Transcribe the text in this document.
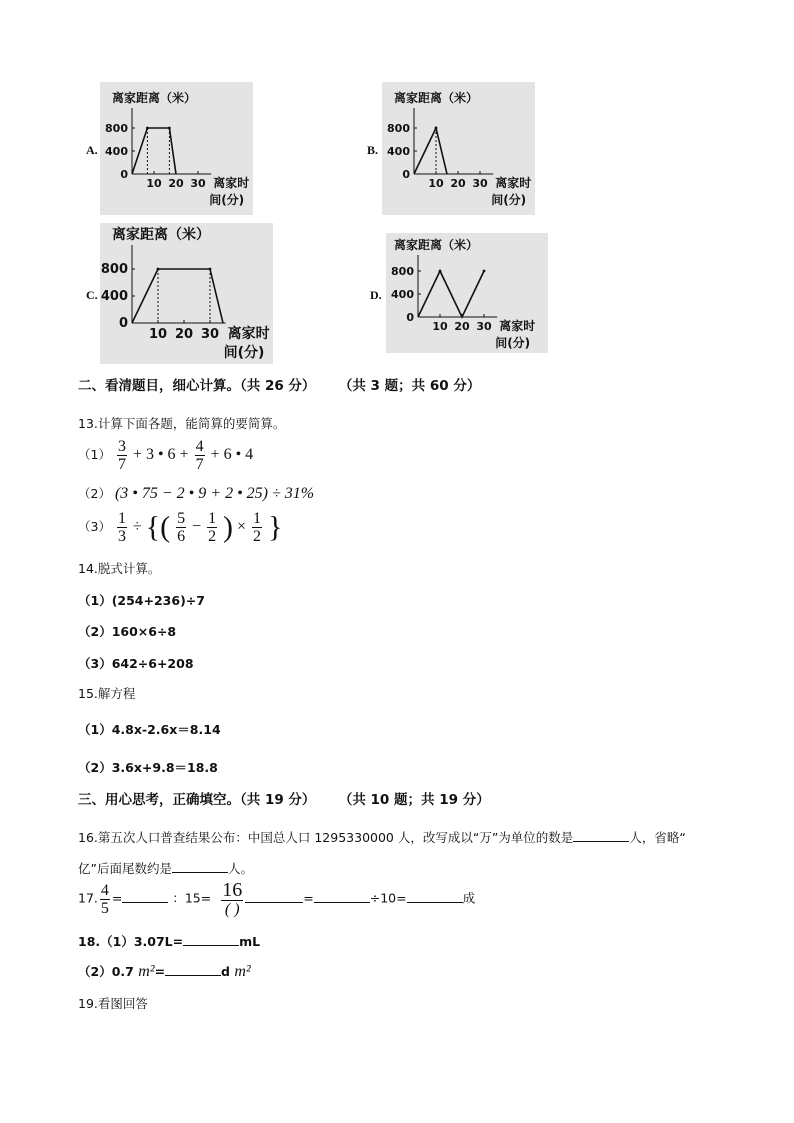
离家距离（米）
800
400
0
10 20 30 离家时
间(分)
A.
离家距离（米）
800
400
0
10 20 30 离家时
间(分)
B.
离家距离（米）
800
400
0
10 20 30 离家时
间(分)
C.
离家距离（米）
800
400
0
10 20 30 离家时
间(分)
D.
二、看清题目，细心计算。（共 26 分） （共 3 题；共 60 分）
13.计算下面各题，能简算的要简算。
$(1) \frac{3}{7} + 3$ • $6 + \frac{4}{7} + 6$ • 4
（2） (3 • 75 − 2 • 9 + 2 • 25) ÷ 31%
$(3) \frac{1}{3}$ ÷ {( $\frac{5}{6} - \frac{1}{2}$ ) × $\frac{1}{2}$ }
14.脱式计算。
（1）(254+236)÷7
（2）160×6÷8
（3）642÷6+208
15.解方程
（1）4.8x-2.6x＝8.14
（2）3.6x+9.8＝18.8
三、用心思考，正确填空。（共 19 分） （共 10 题；共 19 分）
16.第五次人口普查结果公布：中国总人口 1295330000 人，改写成以“万”为单位的数是	人，省略“
亿”后面尾数约是	人。
17. $\frac{4}{5}$ =	：$15= \frac{16}{( )}$	=	÷10=	成
18.（1）3.07L=	mL
（2）0.7 m²=	d m²
19.看图回答
